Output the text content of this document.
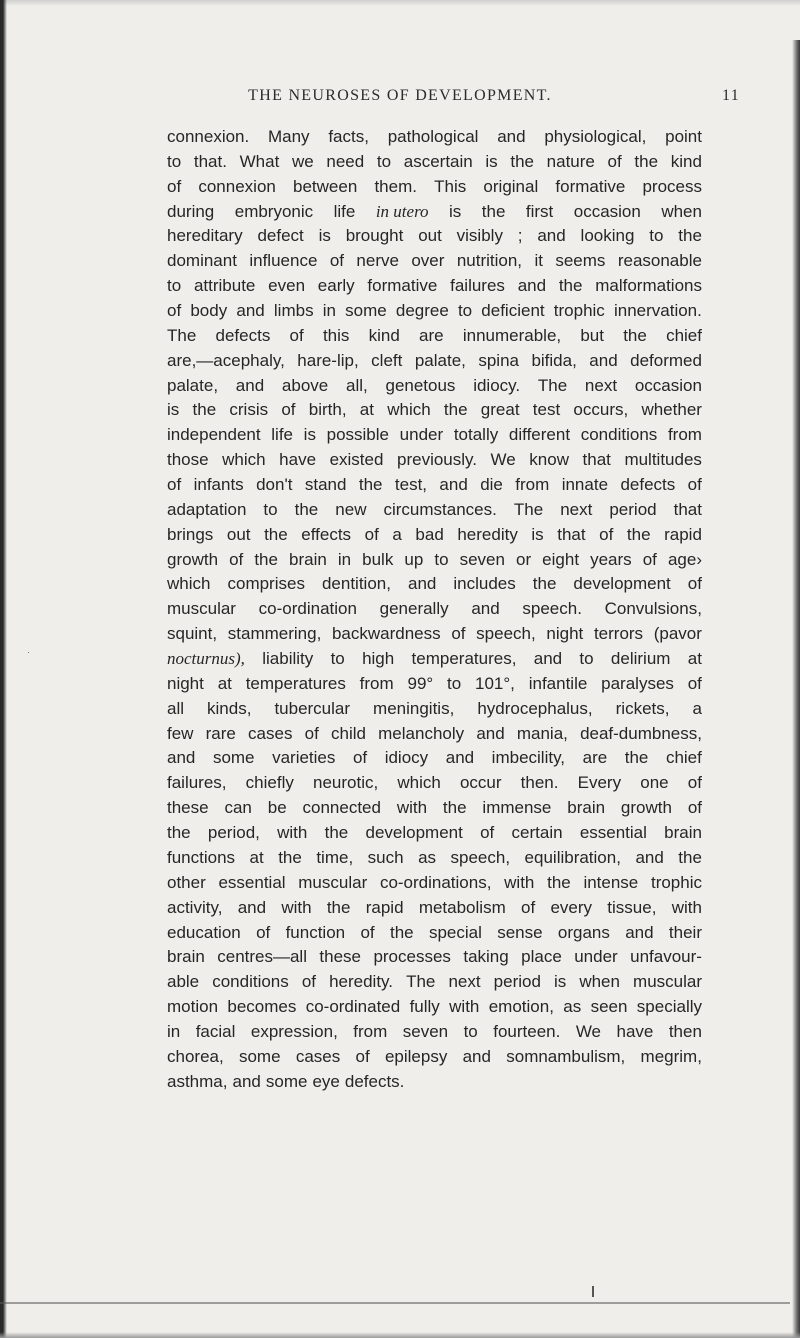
THE NEUROSES OF DEVELOPMENT.	11
connexion. Many facts, pathological and physiological, point
to that. What we need to ascertain is the nature of the kind
of connexion between them. This original formative process
during embryonic life in utero is the first occasion when
hereditary defect is brought out visibly ; and looking to the
dominant influence of nerve over nutrition, it seems reasonable
to attribute even early formative failures and the malformations
of body and limbs in some degree to deficient trophic innervation.
The defects of this kind are innumerable, but the chief
are,—acephaly, hare-lip, cleft palate, spina bifida, and deformed
palate, and above all, genetous idiocy. The next occasion
is the crisis of birth, at which the great test occurs, whether
independent life is possible under totally different conditions from
those which have existed previously. We know that multitudes
of infants don't stand the test, and die from innate defects of
adaptation to the new circumstances. The next period that
brings out the effects of a bad heredity is that of the rapid
growth of the brain in bulk up to seven or eight years of age›
which comprises dentition, and includes the development of
muscular co-ordination generally and speech. Convulsions,
squint, stammering, backwardness of speech, night terrors (pavor
nocturnus), liability to high temperatures, and to delirium at
night at temperatures from 99° to 101°, infantile paralyses of
all kinds, tubercular meningitis, hydrocephalus, rickets, a
few rare cases of child melancholy and mania, deaf-dumbness,
and some varieties of idiocy and imbecility, are the chief
failures, chiefly neurotic, which occur then. Every one of
these can be connected with the immense brain growth of
the period, with the development of certain essential brain
functions at the time, such as speech, equilibration, and the
other essential muscular co-ordinations, with the intense trophic
activity, and with the rapid metabolism of every tissue, with
education of function of the special sense organs and their
brain centres—all these processes taking place under unfavour-
able conditions of heredity. The next period is when muscular
motion becomes co-ordinated fully with emotion, as seen specially
in facial expression, from seven to fourteen. We have then
chorea, some cases of epilepsy and somnambulism, megrim,
asthma, and some eye defects.
